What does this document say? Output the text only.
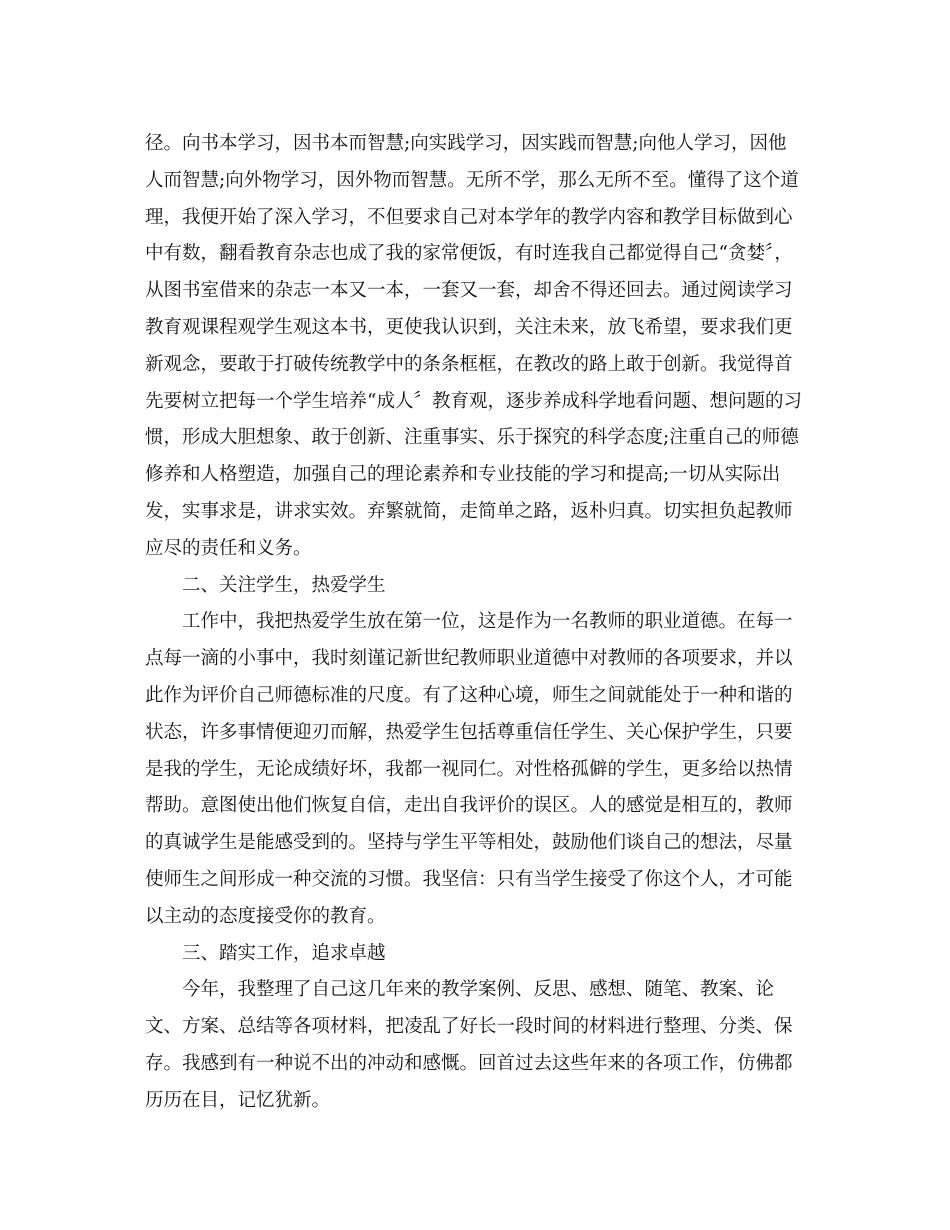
径。向书本学习，因书本而智慧;向实践学习，因实践而智慧;向他人学习，因他
人而智慧;向外物学习，因外物而智慧。无所不学，那么无所不至。懂得了这个道
理，我便开始了深入学习，不但要求自己对本学年的教学内容和教学目标做到心
中有数，翻看教育杂志也成了我的家常便饭，有时连我自己都觉得自己“贪婪〞，
从图书室借来的杂志一本又一本，一套又一套，却舍不得还回去。通过阅读学习
教育观课程观学生观这本书，更使我认识到，关注未来，放飞希望，要求我们更
新观念，要敢于打破传统教学中的条条框框，在教改的路上敢于创新。我觉得首
先要树立把每一个学生培养“成人〞教育观，逐步养成科学地看问题、想问题的习
惯，形成大胆想象、敢于创新、注重事实、乐于探究的科学态度;注重自己的师德
修养和人格塑造，加强自己的理论素养和专业技能的学习和提高;一切从实际出
发，实事求是，讲求实效。弃繁就简，走简单之路，返朴归真。切实担负起教师
应尽的责任和义务。
二、关注学生，热爱学生
工作中，我把热爱学生放在第一位，这是作为一名教师的职业道德。在每一
点每一滴的小事中，我时刻谨记新世纪教师职业道德中对教师的各项要求，并以
此作为评价自己师德标准的尺度。有了这种心境，师生之间就能处于一种和谐的
状态，许多事情便迎刃而解，热爱学生包括尊重信任学生、关心保护学生，只要
是我的学生，无论成绩好坏，我都一视同仁。对性格孤僻的学生，更多给以热情
帮助。意图使出他们恢复自信，走出自我评价的误区。人的感觉是相互的，教师
的真诚学生是能感受到的。坚持与学生平等相处，鼓励他们谈自己的想法，尽量
使师生之间形成一种交流的习惯。我坚信：只有当学生接受了你这个人，才可能
以主动的态度接受你的教育。
三、踏实工作，追求卓越
今年，我整理了自己这几年来的教学案例、反思、感想、随笔、教案、论
文、方案、总结等各项材料，把凌乱了好长一段时间的材料进行整理、分类、保
存。我感到有一种说不出的冲动和感慨。回首过去这些年来的各项工作，仿佛都
历历在目，记忆犹新。
